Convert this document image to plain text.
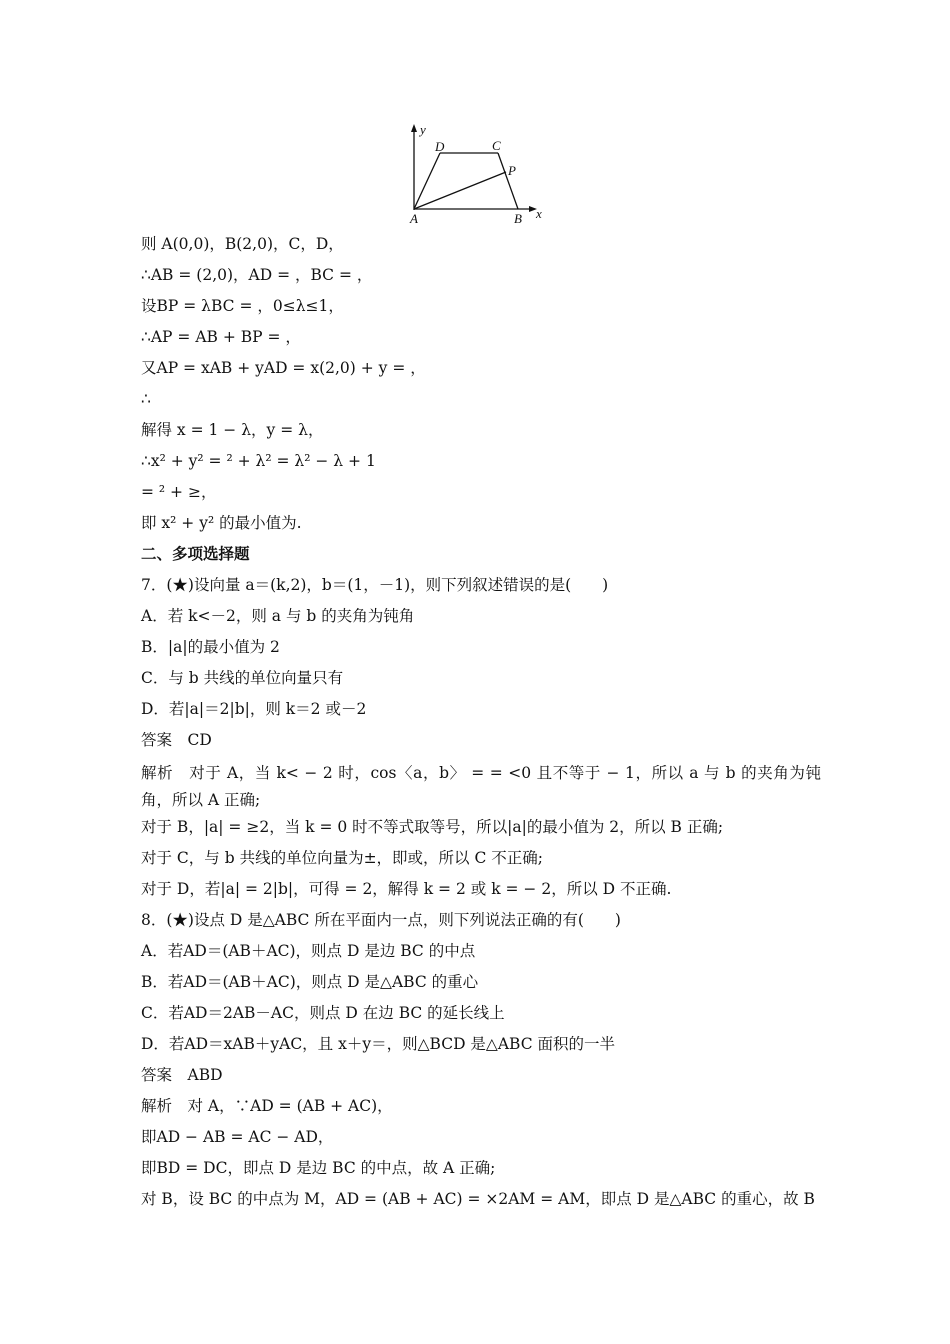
y
x
A	B
C
D
P
则 A(0,0)，B(2,0)，C，D，
∴AB = (2,0)，AD = ，BC = ，
设BP = λBC = ，0≤λ≤1，
∴AP = AB + BP = ，
又AP = xAB + yAD = x(2,0) + y = ，
∴
解得 x = 1 − λ，y = λ，
∴x² + y² = ² + λ² = λ² − λ + 1
= ² + ≥，
即 x² + y² 的最小值为.
二、多项选择题
7．(★)设向量 a＝(k,2)，b＝(1，－1)，则下列叙述错误的是(　　)
A．若 k<－2，则 a 与 b 的夹角为钝角
B．|a|的最小值为 2
C．与 b 共线的单位向量只有
D．若|a|＝2|b|，则 k＝2 或－2
答案　CD
解析　对于 A，当 k< − 2 时，cos〈a，b〉 = = <0 且不等于 − 1，所以 a 与 b 的夹角为钝角，所以 A 正确;
对于 B，|a| = ≥2，当 k = 0 时不等式取等号，所以|a|的最小值为 2，所以 B 正确;
对于 C，与 b 共线的单位向量为±，即或，所以 C 不正确;
对于 D，若|a| = 2|b|，可得 = 2，解得 k = 2 或 k = − 2，所以 D 不正确.
8．(★)设点 D 是△ABC 所在平面内一点，则下列说法正确的有(　　)
A．若AD＝(AB＋AC)，则点 D 是边 BC 的中点
B．若AD＝(AB＋AC)，则点 D 是△ABC 的重心
C．若AD＝2AB－AC，则点 D 在边 BC 的延长线上
D．若AD＝xAB＋yAC，且 x＋y＝，则△BCD 是△ABC 面积的一半
答案　ABD
解析　对 A，∵AD = (AB + AC)，
即AD − AB = AC − AD，
即BD = DC，即点 D 是边 BC 的中点，故 A 正确;
对 B，设 BC 的中点为 M，AD = (AB + AC) = ×2AM = AM，即点 D 是△ABC 的重心，故 B
